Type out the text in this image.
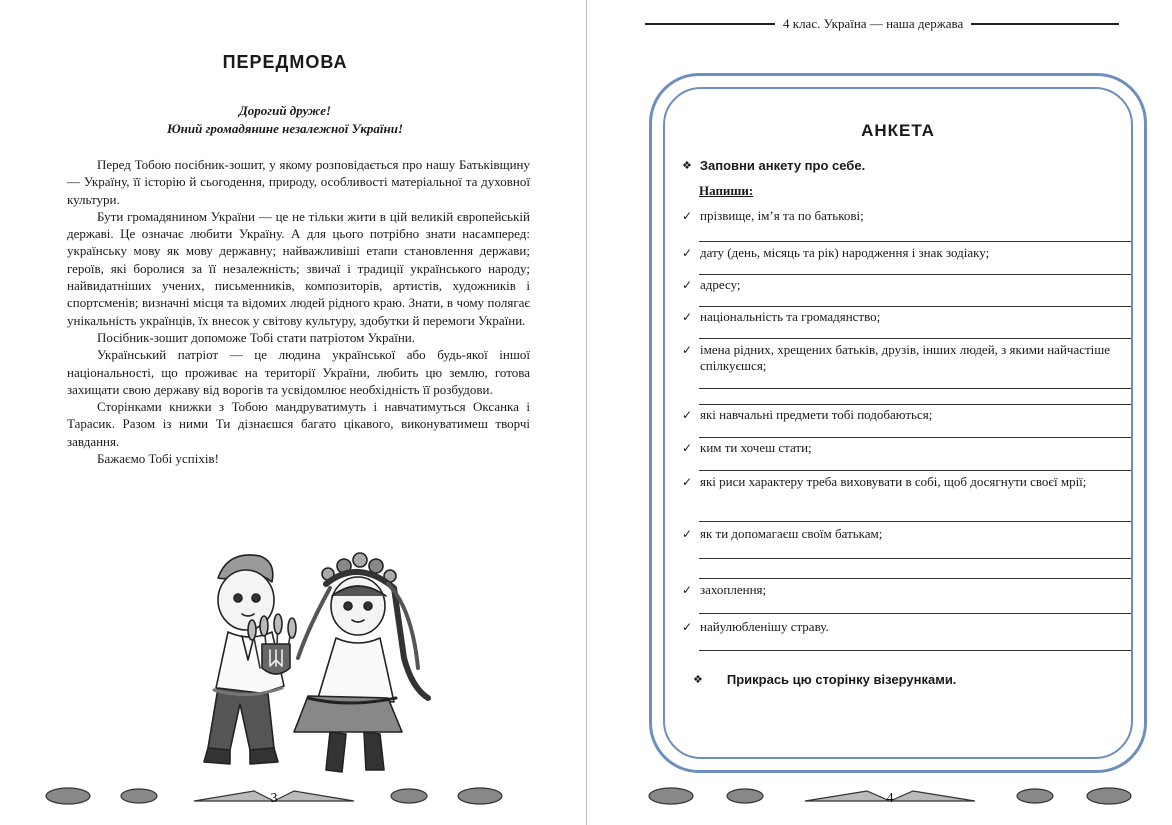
ПЕРЕДМОВА

Дорогий друже!

Юний громадянине незалежної України!

Перед Тобою посібник-зошит, у якому розповідається про нашу Батьківщину — Україну, її історію й сьогодення, природу, особливості матеріальної та духовної культури.

Бути громадянином України — це не тільки жити в цій великій європейській державі. Це означає любити Україну. А для цього потрібно знати насамперед: українську мову як мову державну; найважливіші етапи становлення держави; героїв, які боролися за її незалежність; звичаї і традиції українського народу; найвидатніших учених, письменників, композиторів, артистів, художників і спортсменів; визначні місця та відомих людей рідного краю. Знати, в чому полягає унікальність українців, їх внесок у світову культуру, здобутки й перемоги України.

Посібник-зошит допоможе Тобі стати патріотом України.

Український патріот — це людина української або будь-якої іншої національності, що проживає на території України, любить цю землю, готова захищати свою державу від ворогів та усвідомлює необхідність її розбудови.

Сторінками книжки з Тобою мандруватимуть і навчатимуться Оксанка і Тарасик. Разом із ними Ти дізнаєшся багато цікавого, виконуватимеш творчі завдання.

Бажаємо Тобі успіхів!

3
4 клас. Україна — наша держава
АНКЕТА
❖ Заповни анкету про себе.
Напиши:
✓ прізвище, ім’я та по батькові;
✓ дату (день, місяць та рік) народження і знак зодіаку;
✓ адресу;
✓ національність та громадянство;
✓ імена рідних, хрещених батьків, друзів, інших людей, з якими найчастіше спілкуєшся;
✓ які навчальні предмети тобі подобаються;
✓ ким ти хочеш стати;
✓ які риси характеру треба виховувати в собі, щоб досягнути своєї мрії;
✓ як ти допомагаєш своїм батькам;
✓ захоплення;
✓ найулюбленішу страву.
❖ Прикрась цю сторінку візерунками.
4
